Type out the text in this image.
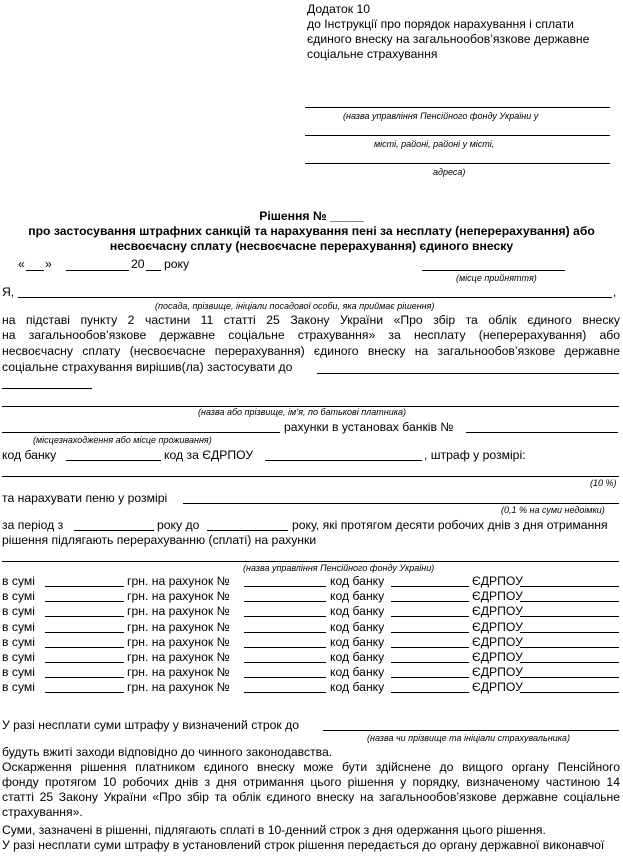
Додаток 10
до Інструкції про порядок нарахування і сплати
єдиного внеску на загальнообов’язкове державне
соціальне страхування
(назва управління Пенсійного фонду України у
місті, районі, районі у місті,
адреса)
Рішення № _____
про застосування штрафних санкцій та нарахування пені за несплату (неперерахування) або
несвоєчасну сплату (несвоєчасне перерахування) єдиного внеску
« »	20 року
(місце прийняття)
Я,	,
(посада, прізвище, ініціали посадової особи, яка приймає рішення)
на підставі пункту 2 частини 11 статті 25 Закону України «Про збір та облік єдиного внеску
на загальнообов’язкове державне соціальне страхування» за несплату (неперерахування) або
несвоєчасну сплату (несвоєчасне перерахування) єдиного внеску на загальнообов’язкове державне
соціальне страхування вирішив(ла) застосувати до
(назва або прізвище, ім’я, по батькові платника)
рахунки в установах банків №
(місцезнаходження або місце проживання)
код банку	код за ЄДРПОУ	, штраф у розмірі:
(10 %)
та нарахувати пеню у розмірі
(0,1 % на суми недоімки)
за період з	року до	року, які протягом десяти робочих днів з дня отримання
рішення підлягають перерахуванню (сплаті) на рахунки
(назва управління Пенсійного фонду України)
в сумі	грн. на рахунок №	код банку	ЄДРПОУ
в сумі	грн. на рахунок №	код банку	ЄДРПОУ
в сумі	грн. на рахунок №	код банку	ЄДРПОУ
в сумі	грн. на рахунок №	код банку	ЄДРПОУ
в сумі	грн. на рахунок №	код банку	ЄДРПОУ
в сумі	грн. на рахунок №	код банку	ЄДРПОУ
в сумі	грн. на рахунок №	код банку	ЄДРПОУ
в сумі	грн. на рахунок №	код банку	ЄДРПОУ
У разі несплати суми штрафу у визначений строк до
(назва чи прізвище та ініціали страхувальника)
будуть вжиті заходи відповідно до чинного законодавства.
Оскарження рішення платником єдиного внеску може бути здійснене до вищого органу Пенсійного
фонду протягом 10 робочих днів з дня отримання цього рішення у порядку, визначеному частиною 14
статті 25 Закону України «Про збір та облік єдиного внеску на загальнообов’язкове державне соціальне
страхування».
Суми, зазначені в рішенні, підлягають сплаті в 10-денний строк з дня одержання цього рішення.
У разі несплати суми штрафу в установлений строк рішення передається до органу державної виконавчої
